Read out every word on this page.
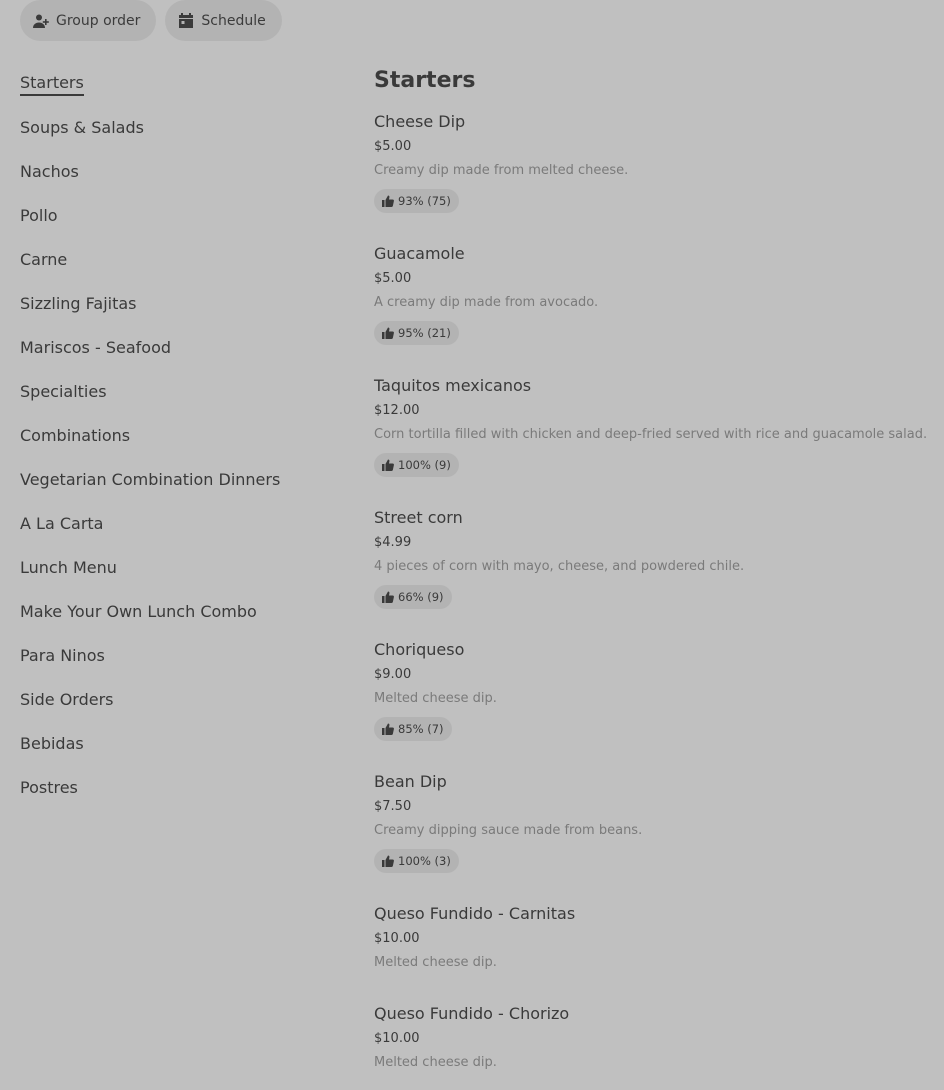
Group order	Schedule
Starters
Soups & Salads
Nachos
Pollo
Carne
Sizzling Fajitas
Mariscos - Seafood
Specialties
Combinations
Vegetarian Combination Dinners
A La Carta
Lunch Menu
Make Your Own Lunch Combo
Para Ninos
Side Orders
Bebidas
Postres
Starters
Cheese Dip
$5.00
Creamy dip made from melted cheese.
93% (75)
Guacamole
$5.00
A creamy dip made from avocado.
95% (21)
Taquitos mexicanos
$12.00
Corn tortilla filled with chicken and deep-fried served with rice and guacamole salad.
100% (9)
Street corn
$4.99
4 pieces of corn with mayo, cheese, and powdered chile.
66% (9)
Choriqueso
$9.00
Melted cheese dip.
85% (7)
Bean Dip
$7.50
Creamy dipping sauce made from beans.
100% (3)
Queso Fundido - Carnitas
$10.00
Melted cheese dip.
Queso Fundido - Chorizo
$10.00
Melted cheese dip.
